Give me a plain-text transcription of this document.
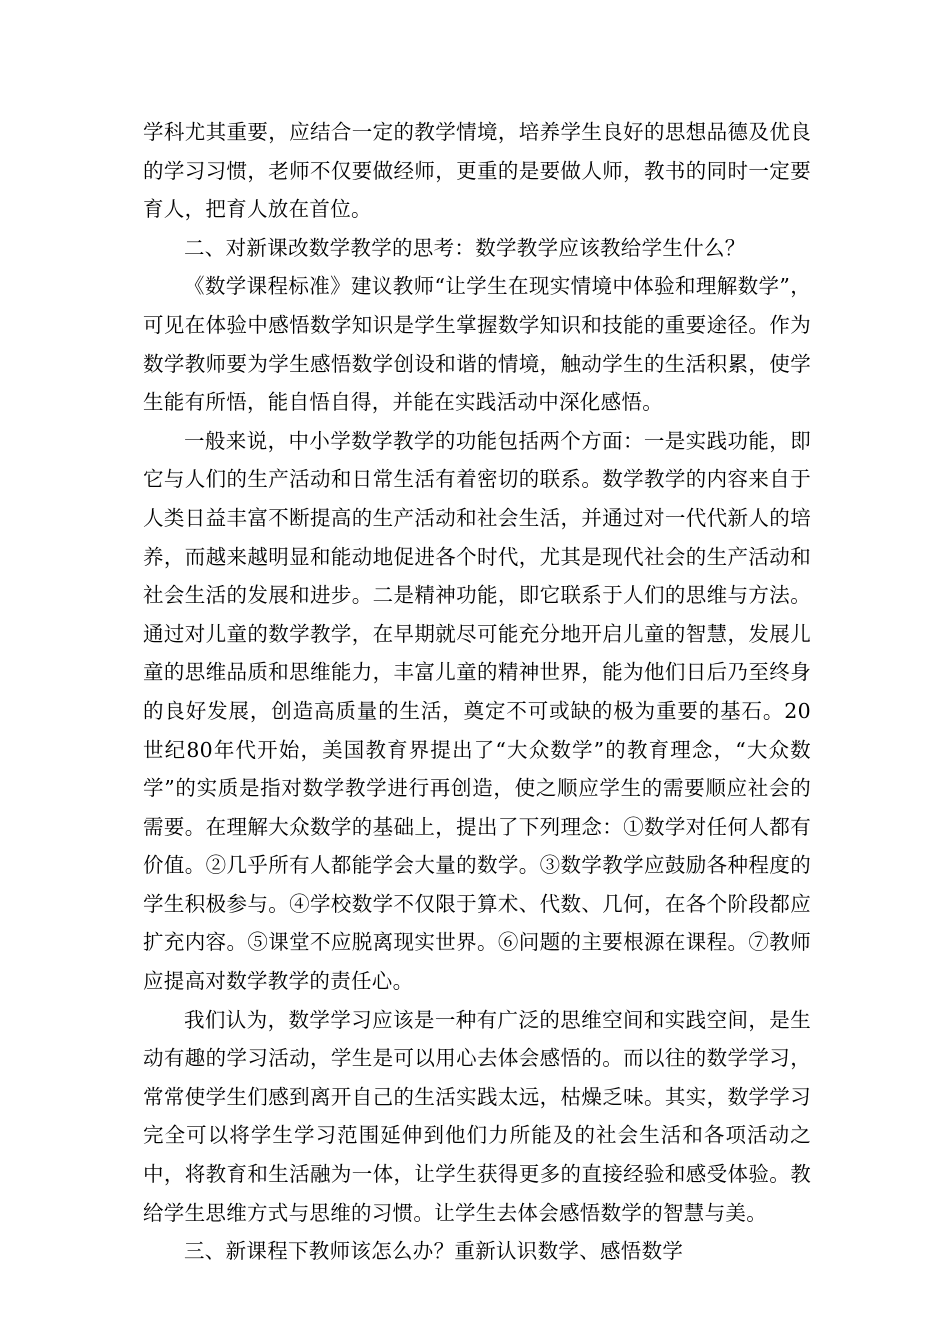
学科尤其重要，应结合一定的教学情境，培养学生良好的思想品德及优良的学习习惯，老师不仅要做经师，更重的是要做人师，教书的同时一定要育人，把育人放在首位。

二、对新课改数学教学的思考：数学教学应该教给学生什么？

《数学课程标准》建议教师“让学生在现实情境中体验和理解数学”，可见在体验中感悟数学知识是学生掌握数学知识和技能的重要途径。作为数学教师要为学生感悟数学创设和谐的情境，触动学生的生活积累，使学生能有所悟，能自悟自得，并能在实践活动中深化感悟。

一般来说，中小学数学教学的功能包括两个方面：一是实践功能，即它与人们的生产活动和日常生活有着密切的联系。数学教学的内容来自于人类日益丰富不断提高的生产活动和社会生活，并通过对一代代新人的培养，而越来越明显和能动地促进各个时代，尤其是现代社会的生产活动和社会生活的发展和进步。二是精神功能，即它联系于人们的思维与方法。通过对儿童的数学教学，在早期就尽可能充分地开启儿童的智慧，发展儿童的思维品质和思维能力，丰富儿童的精神世界，能为他们日后乃至终身的良好发展，创造高质量的生活，奠定不可或缺的极为重要的基石。20世纪80年代开始，美国教育界提出了“大众数学”的教育理念，“大众数学”的实质是指对数学教学进行再创造，使之顺应学生的需要顺应社会的需要。在理解大众数学的基础上，提出了下列理念：①数学对任何人都有价值。②几乎所有人都能学会大量的数学。③数学教学应鼓励各种程度的学生积极参与。④学校数学不仅限于算术、代数、几何，在各个阶段都应扩充内容。⑤课堂不应脱离现实世界。⑥问题的主要根源在课程。⑦教师应提高对数学教学的责任心。

我们认为，数学学习应该是一种有广泛的思维空间和实践空间，是生动有趣的学习活动，学生是可以用心去体会感悟的。而以往的数学学习，常常使学生们感到离开自己的生活实践太远，枯燥乏味。其实，数学学习完全可以将学生学习范围延伸到他们力所能及的社会生活和各项活动之中，将教育和生活融为一体，让学生获得更多的直接经验和感受体验。教给学生思维方式与思维的习惯。让学生去体会感悟数学的智慧与美。

三、新课程下教师该怎么办？重新认识数学、感悟数学
